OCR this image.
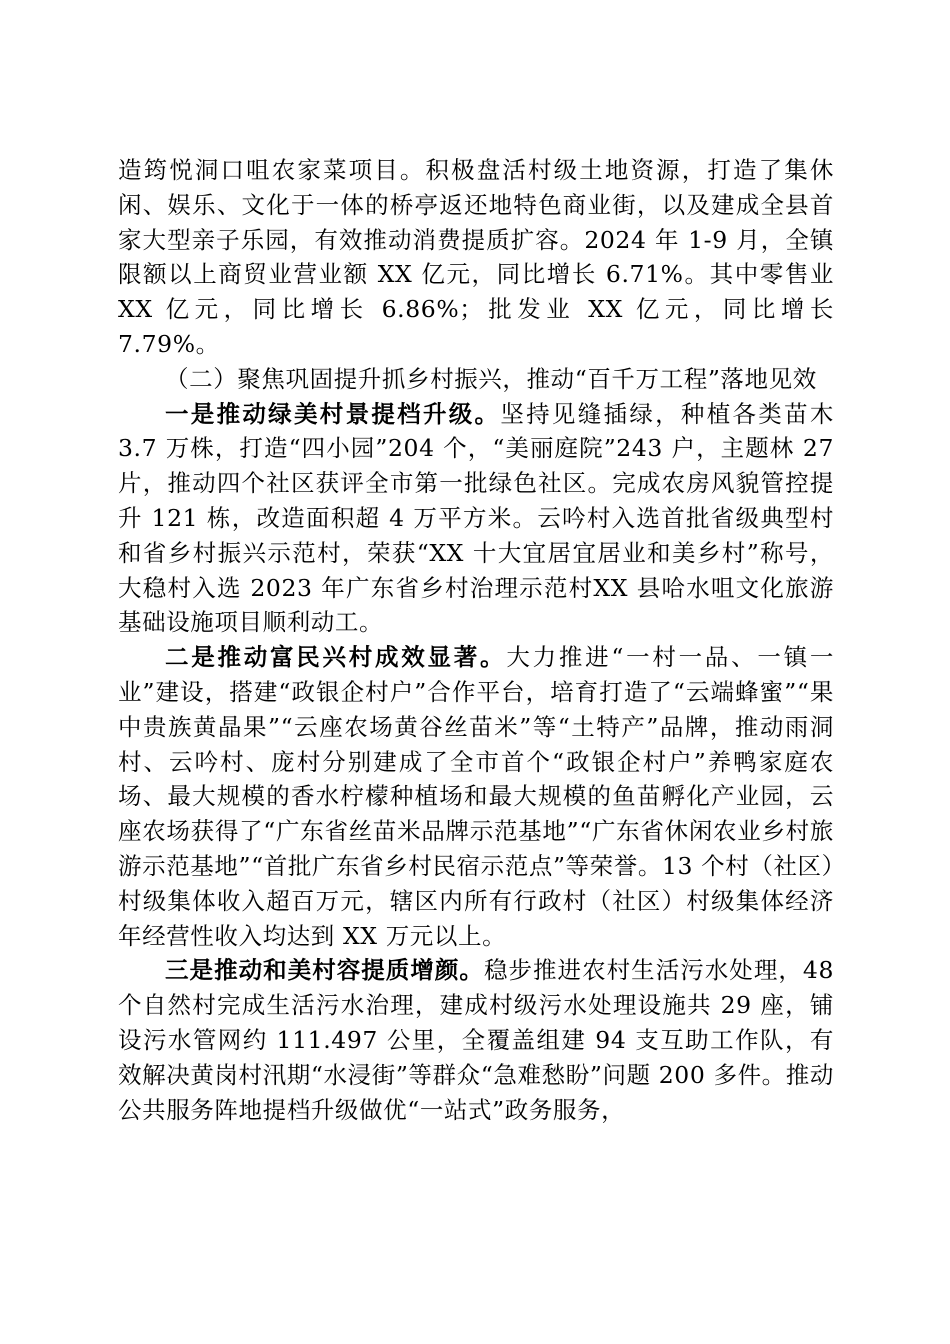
造筠悦洞口咀农家菜项目。积极盘活村级土地资源，打造了集休闲、娱乐、文化于一体的桥亭返还地特色商业街，以及建成全县首家大型亲子乐园，有效推动消费提质扩容。2024 年 1-9 月，全镇限额以上商贸业营业额 XX 亿元，同比增长 6.71%。其中零售业 XX 亿元，同比增长 6.86%；批发业 XX 亿元，同比增长 7.79%。

（二）聚焦巩固提升抓乡村振兴，推动“百千万工程”落地见效

一是推动绿美村景提档升级。坚持见缝插绿，种植各类苗木 3.7 万株，打造“四小园”204 个，“美丽庭院”243 户，主题林 27 片，推动四个社区获评全市第一批绿色社区。完成农房风貌管控提升 121 栋，改造面积超 4 万平方米。云吟村入选首批省级典型村和省乡村振兴示范村，荣获“XX 十大宜居宜居业和美乡村”称号，大稳村入选 2023 年广东省乡村治理示范村XX 县哈水咀文化旅游基础设施项目顺利动工。

二是推动富民兴村成效显著。大力推进“一村一品、一镇一业”建设，搭建“政银企村户”合作平台，培育打造了“云端蜂蜜”“果中贵族黄晶果”“云座农场黄谷丝苗米”等“土特产”品牌，推动雨洞村、云吟村、庞村分别建成了全市首个“政银企村户”养鸭家庭农场、最大规模的香水柠檬种植场和最大规模的鱼苗孵化产业园，云座农场获得了“广东省丝苗米品牌示范基地”“广东省休闲农业乡村旅游示范基地”“首批广东省乡村民宿示范点”等荣誉。13 个村（社区）村级集体收入超百万元，辖区内所有行政村（社区）村级集体经济年经营性收入均达到 XX 万元以上。

三是推动和美村容提质增颜。稳步推进农村生活污水处理，48 个自然村完成生活污水治理，建成村级污水处理设施共 29 座，铺设污水管网约 111.497 公里，全覆盖组建 94 支互助工作队，有效解决黄岗村汛期“水浸街”等群众“急难愁盼”问题 200 多件。推动公共服务阵地提档升级做优“一站式”政务服务，
